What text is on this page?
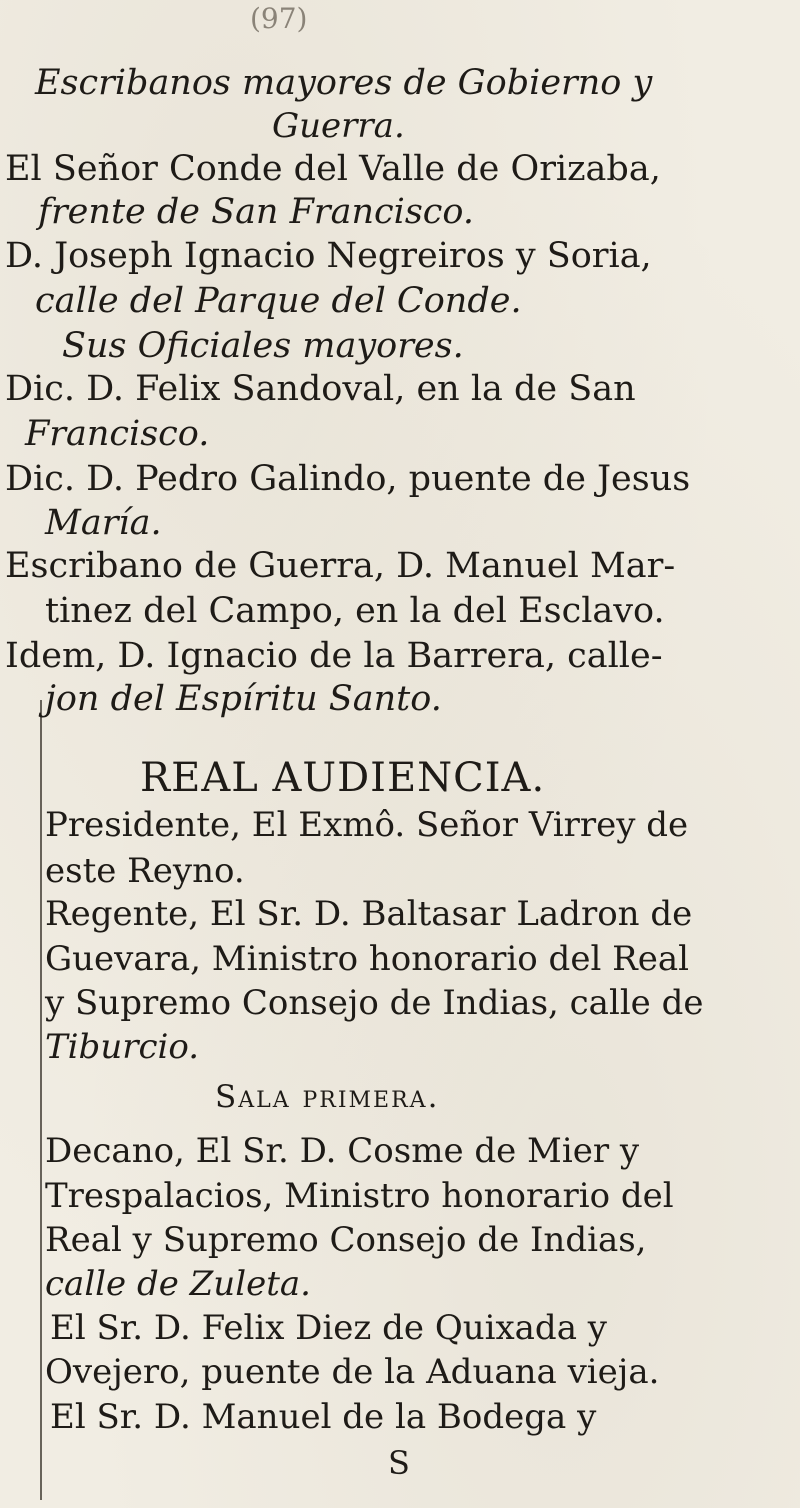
(97)
Escribanos mayores de Gobierno y
Guerra.
El Señor Conde del Valle de Orizaba,
frente de San Francisco.
D. Joseph Ignacio Negreiros y Soria,
calle del Parque del Conde.
Sus Oficiales mayores.
Dic. D. Felix Sandoval, en la de San
Francisco.
Dic. D. Pedro Galindo, puente de Jesus
María.
Escribano de Guerra, D. Manuel Mar-
tinez del Campo, en la del Esclavo.
Idem, D. Ignacio de la Barrera, calle-
jon del Espíritu Santo.
REAL AUDIENCIA.
Presidente, El Exmô. Señor Virrey de
este Reyno.
Regente, El Sr. D. Baltasar Ladron de
Guevara, Ministro honorario del Real
y Supremo Consejo de Indias, calle de
Tiburcio.
Sala primera.
Decano, El Sr. D. Cosme de Mier y
Trespalacios, Ministro honorario del
Real y Supremo Consejo de Indias,
calle de Zuleta.
El Sr. D. Felix Diez de Quixada y
Ovejero, puente de la Aduana vieja.
El Sr. D. Manuel de la Bodega y
S
